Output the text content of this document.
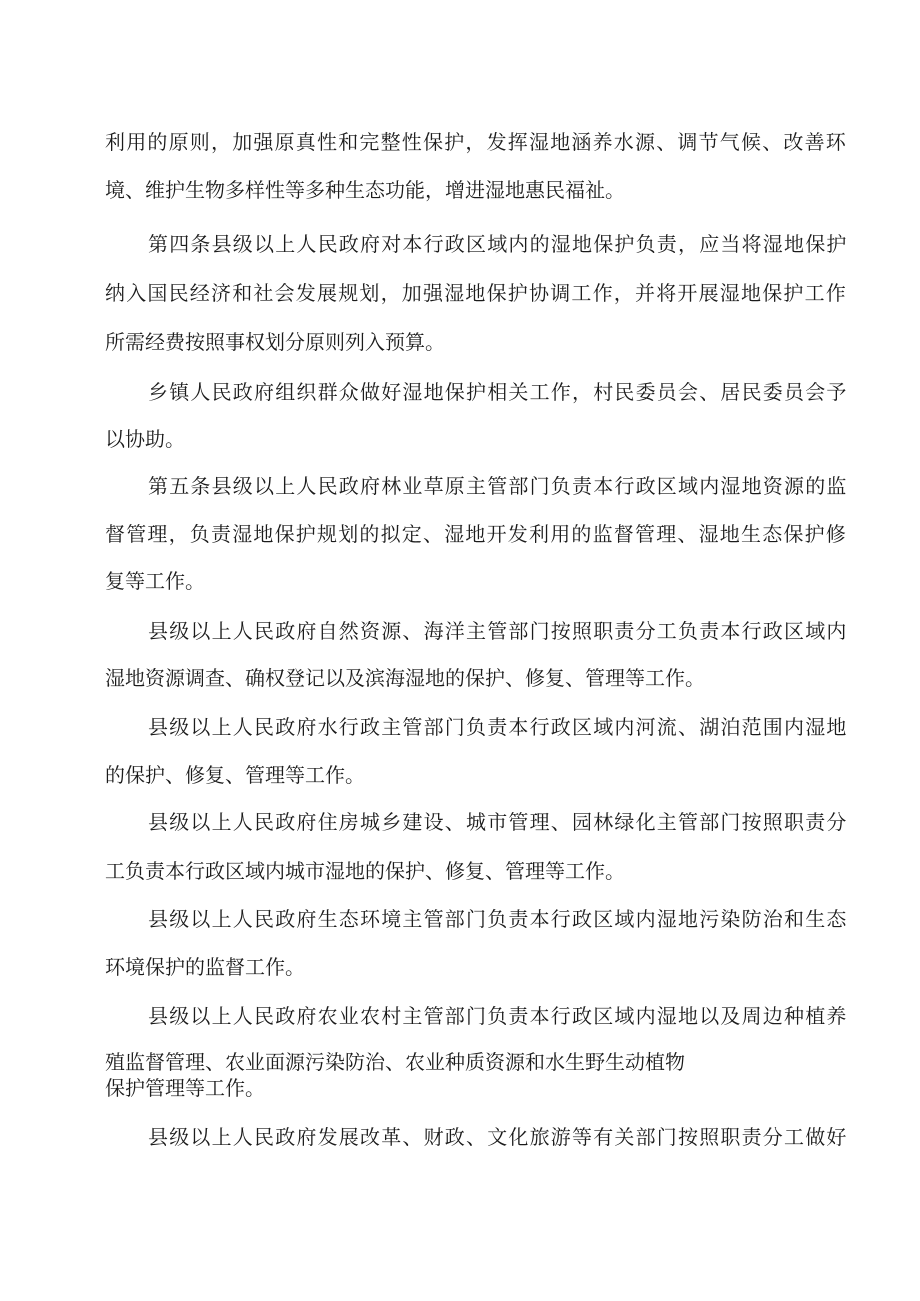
利用的原则，加强原真性和完整性保护，发挥湿地涵养水源、调节气候、改善环
境、维护生物多样性等多种生态功能，增进湿地惠民福祉。
第四条县级以上人民政府对本行政区域内的湿地保护负责，应当将湿地保护
纳入国民经济和社会发展规划，加强湿地保护协调工作，并将开展湿地保护工作
所需经费按照事权划分原则列入预算。
乡镇人民政府组织群众做好湿地保护相关工作，村民委员会、居民委员会予
以协助。
第五条县级以上人民政府林业草原主管部门负责本行政区域内湿地资源的监
督管理，负责湿地保护规划的拟定、湿地开发利用的监督管理、湿地生态保护修
复等工作。
县级以上人民政府自然资源、海洋主管部门按照职责分工负责本行政区域内
湿地资源调查、确权登记以及滨海湿地的保护、修复、管理等工作。
县级以上人民政府水行政主管部门负责本行政区域内河流、湖泊范围内湿地
的保护、修复、管理等工作。
县级以上人民政府住房城乡建设、城市管理、园林绿化主管部门按照职责分
工负责本行政区域内城市湿地的保护、修复、管理等工作。
县级以上人民政府生态环境主管部门负责本行政区域内湿地污染防治和生态
环境保护的监督工作。
县级以上人民政府农业农村主管部门负责本行政区域内湿地以及周边种植养
殖监督管理、农业面源污染防治、农业种质资源和水生野生动植物
保护管理等工作。
县级以上人民政府发展改革、财政、文化旅游等有关部门按照职责分工做好
